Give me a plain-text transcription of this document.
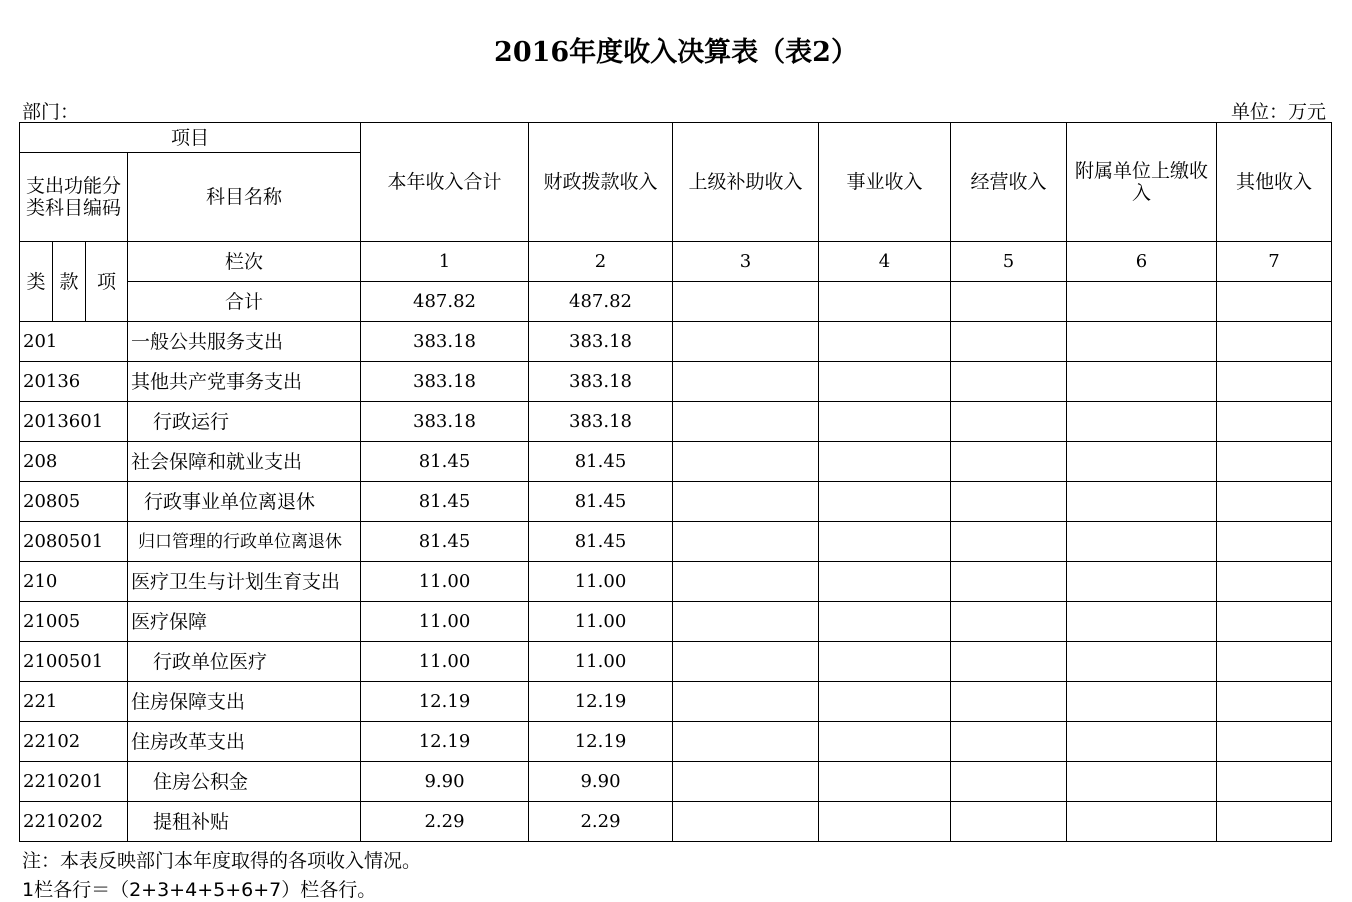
2016年度收入决算表（表2）
部门：	单位：万元
项目				本年收入合计	财政拨款收入	上级补助收入	事业收入	经营收入	附属单位上缴收入	其他收入
支出功能分类科目编码			科目名称							
类	款	项	栏次	1	2	3	4	5	6	7
			合计	487.82	487.82					
201			一般公共服务支出	383.18	383.18					
20136			其他共产党事务支出	383.18	383.18					
2013601			行政运行	383.18	383.18					
208			社会保障和就业支出	81.45	81.45					
20805			行政事业单位离退休	81.45	81.45					
2080501			归口管理的行政单位离退休	81.45	81.45					
210			医疗卫生与计划生育支出	11.00	11.00					
21005			医疗保障	11.00	11.00					
2100501			行政单位医疗	11.00	11.00					
221			住房保障支出	12.19	12.19					
22102			住房改革支出	12.19	12.19					
2210201			住房公积金	9.90	9.90					
2210202			提租补贴	2.29	2.29					
注：本表反映部门本年度取得的各项收入情况。
1栏各行＝（2+3+4+5+6+7）栏各行。
